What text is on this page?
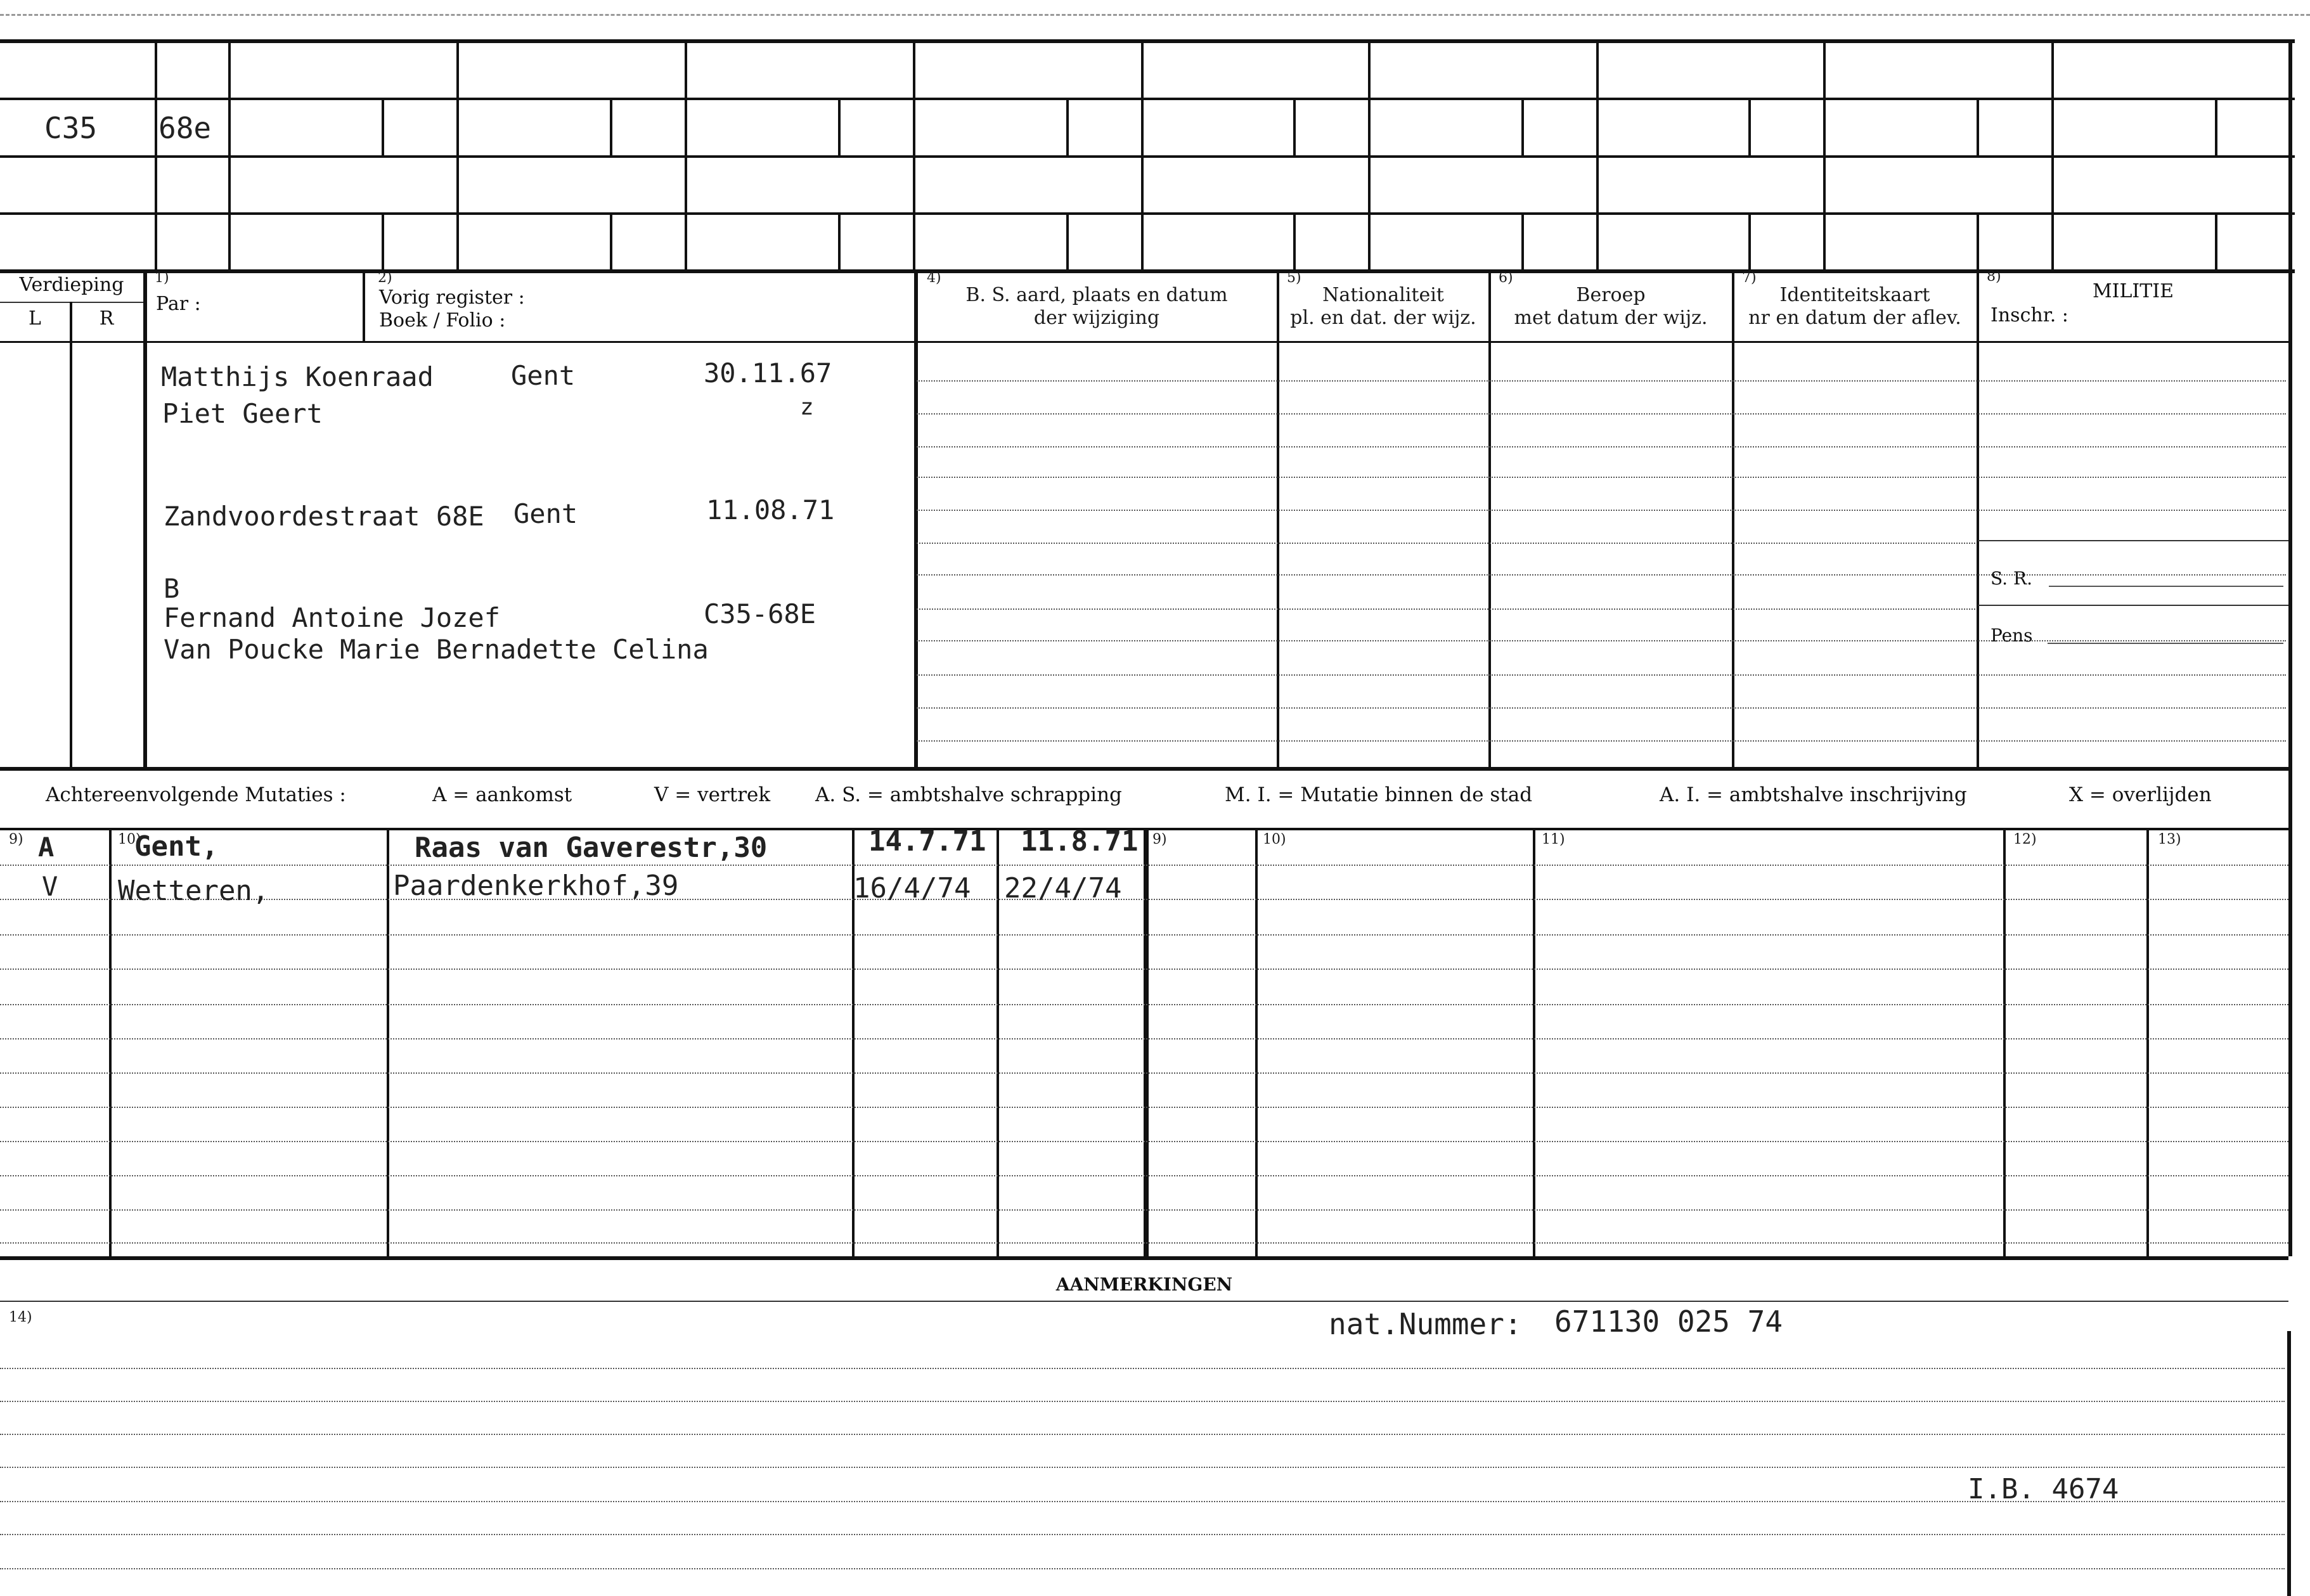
C35 68e
Verdieping
L	R
1)
Par :
2)
Vorig register :
Boek / Folio :
4)
B. S. aard, plaats en datum
der wijziging
5)
Nationaliteit
pl. en dat. der wijz.
6)
Beroep
met datum der wijz.
7)
Identiteitskaart
nr en datum der aflev.
8)
MILITIE
Inschr. :
S. R.
Pens
Matthijs Koenraad	Gent	30.11.67
z
Piet Geert
Zandvoordestraat 68E Gent	11.08.71
B
Fernand Antoine Jozef	C35-68E
Van Poucke Marie Bernadette Celina
Achtereenvolgende Mutaties :	A = aankomst	V = vertrek A. S. = ambtshalve schrapping	M. I. = Mutatie binnen de stad	A. I. = ambtshalve inschrijving	X = overlijden
9)	10)	9)	10)	11)	12)	13)
A	Gent,	Raas van Gaverestr,30	14.7.71 11.8.71
V Wetteren,	Paardenkerkhof,39	16/4/74 22/4/74
AANMERKINGEN
14)	nat.Nummer: 671130 025 74
I.B. 4674
